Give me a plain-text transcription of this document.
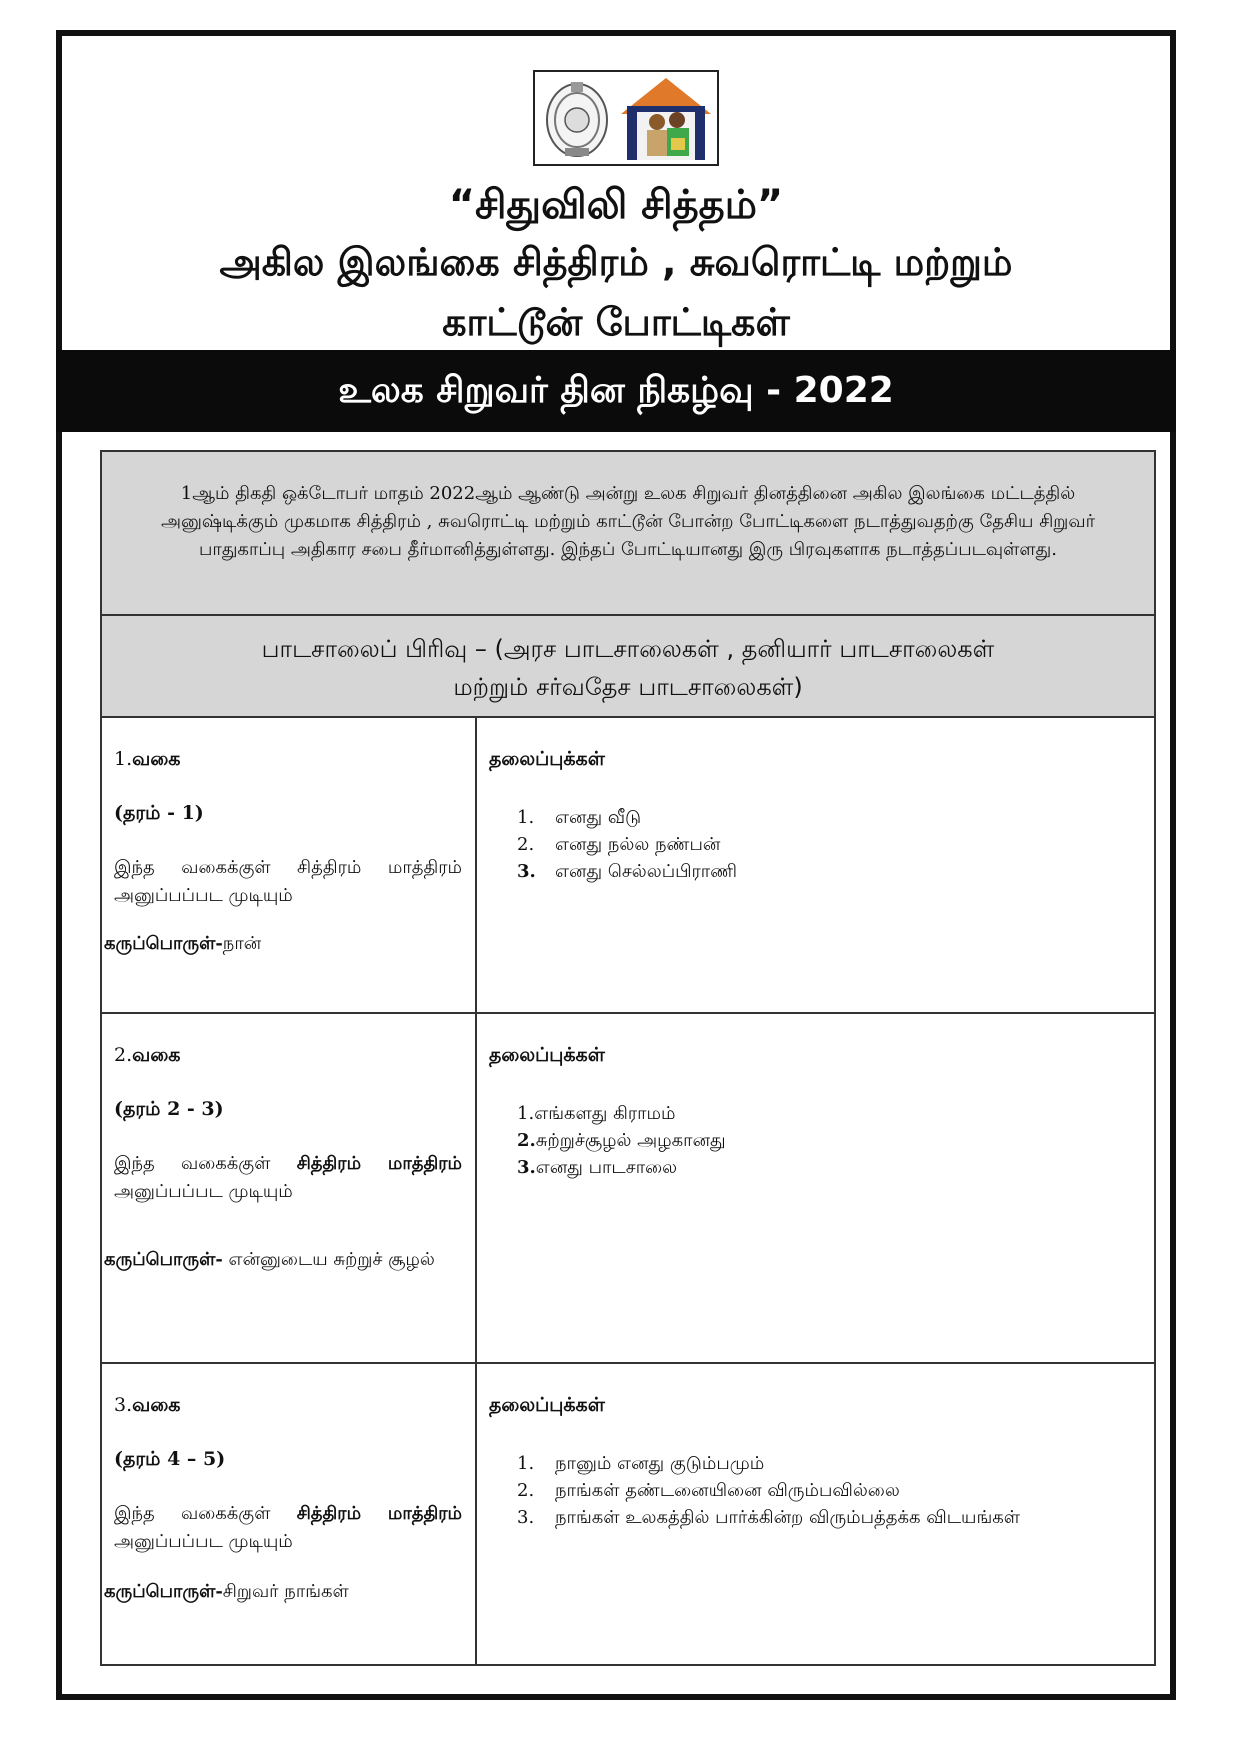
“சிதுவிலி சித்தம்”
அகில இலங்கை சித்திரம் , சுவரொட்டி மற்றும்
காட்டூன் போட்டிகள்
உலக சிறுவர் தின நிகழ்வு - 2022

1ஆம் திகதி ஒக்டோபர் மாதம் 2022ஆம் ஆண்டு அன்று உலக சிறுவர் தினத்தினை அகில இலங்கை மட்டத்தில் அனுஷ்டிக்கும் முகமாக சித்திரம் , சுவரொட்டி மற்றும் காட்டூன் போன்ற போட்டிகளை நடாத்துவதற்கு தேசிய சிறுவர் பாதுகாப்பு அதிகார சபை தீர்மானித்துள்ளது. இந்தப் போட்டியானது இரு பிரவுகளாக நடாத்தப்படவுள்ளது.

பாடசாலைப் பிரிவு – (அரச பாடசாலைகள் , தனியார் பாடசாலைகள்
மற்றும் சர்வதேச பாடசாலைகள்)
1.வகை
(தரம் - 1)
இந்த வகைக்குள் சித்திரம் மாத்திரம் அனுப்பப்பட முடியும்
கருப்பொருள்-நான்
தலைப்புக்கள்
1. எனது வீடு
2. எனது நல்ல நண்பன்
3. எனது செல்லப்பிராணி
2.வகை
(தரம் 2 - 3)
இந்த வகைக்குள் சித்திரம் மாத்திரம் அனுப்பப்பட முடியும்
கருப்பொருள்- என்னுடைய சுற்றுச் சூழல்
தலைப்புக்கள்
1.எங்களது கிராமம்
2.சுற்றுச்சூழல் அழகானது
3.எனது பாடசாலை
3.வகை
(தரம் 4 – 5)
இந்த வகைக்குள் சித்திரம் மாத்திரம் அனுப்பப்பட முடியும்
கருப்பொருள்-சிறுவர் நாங்கள்
தலைப்புக்கள்
1. நானும் எனது குடும்பமும்
2. நாங்கள் தண்டனையினை விரும்பவில்லை
3. நாங்கள் உலகத்தில் பார்க்கின்ற விரும்பத்தக்க விடயங்கள்
